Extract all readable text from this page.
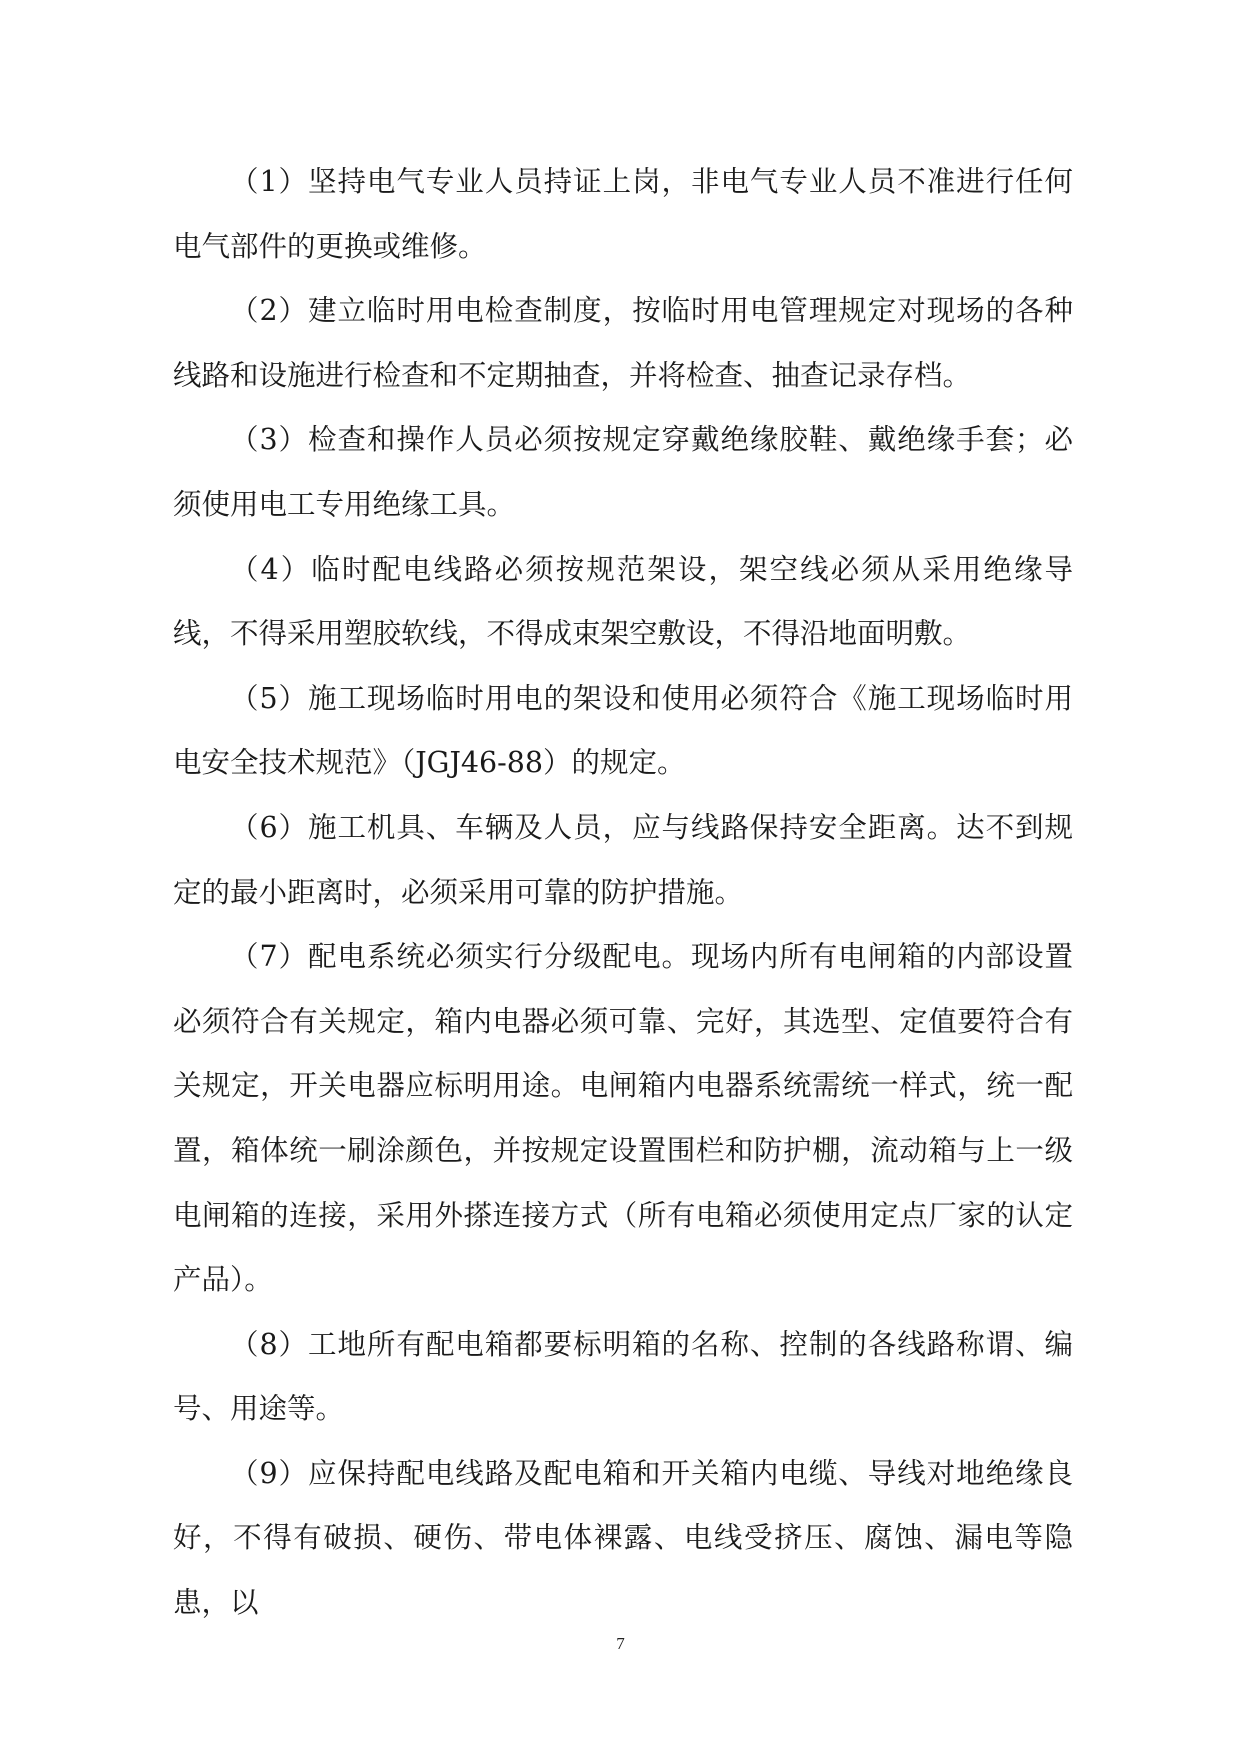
（1）坚持电气专业人员持证上岗，非电气专业人员不准进行任何电气部件的更换或维修。

（2）建立临时用电检查制度，按临时用电管理规定对现场的各种线路和设施进行检查和不定期抽查，并将检查、抽查记录存档。

（3）检查和操作人员必须按规定穿戴绝缘胶鞋、戴绝缘手套；必须使用电工专用绝缘工具。

（4）临时配电线路必须按规范架设，架空线必须从采用绝缘导线，不得采用塑胶软线，不得成束架空敷设，不得沿地面明敷。

（5）施工现场临时用电的架设和使用必须符合《施工现场临时用电安全技术规范》（JGJ46-88）的规定。

（6）施工机具、车辆及人员，应与线路保持安全距离。达不到规定的最小距离时，必须采用可靠的防护措施。

（7）配电系统必须实行分级配电。现场内所有电闸箱的内部设置必须符合有关规定，箱内电器必须可靠、完好，其选型、定值要符合有关规定，开关电器应标明用途。电闸箱内电器系统需统一样式，统一配置，箱体统一刷涂颜色，并按规定设置围栏和防护棚，流动箱与上一级电闸箱的连接，采用外搽连接方式（所有电箱必须使用定点厂家的认定产品）。

（8）工地所有配电箱都要标明箱的名称、控制的各线路称谓、编号、用途等。

（9）应保持配电线路及配电箱和开关箱内电缆、导线对地绝缘良好，不得有破损、硬伤、带电体裸露、电线受挤压、腐蚀、漏电等隐患，以

7
